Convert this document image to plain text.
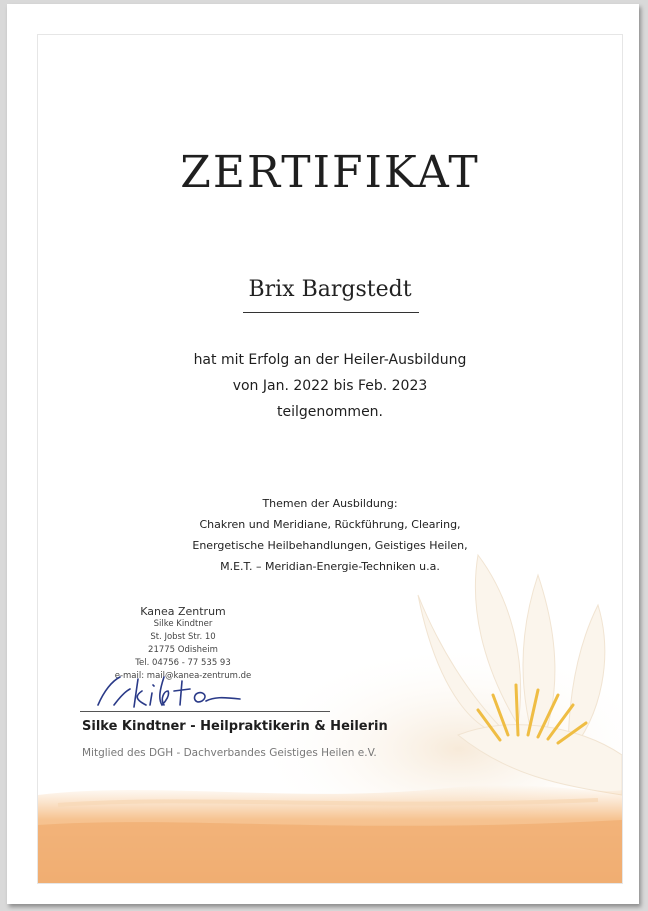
ZERTIFIKAT
Brix Bargstedt
hat mit Erfolg an der Heiler-Ausbildung
von Jan. 2022 bis Feb. 2023
teilgenommen.
Themen der Ausbildung:
Chakren und Meridiane, Rückführung, Clearing,
Energetische Heilbehandlungen, Geistiges Heilen,
M.E.T. – Meridian-Energie-Techniken u.a.
Kanea Zentrum
Silke Kindtner
St. Jobst Str. 10
21775 Odisheim
Tel. 04756 - 77 535 93
e-mail: mail@kanea-zentrum.de
Silke Kindtner - Heilpraktikerin & Heilerin
Mitglied des DGH - Dachverbandes Geistiges Heilen e.V.
